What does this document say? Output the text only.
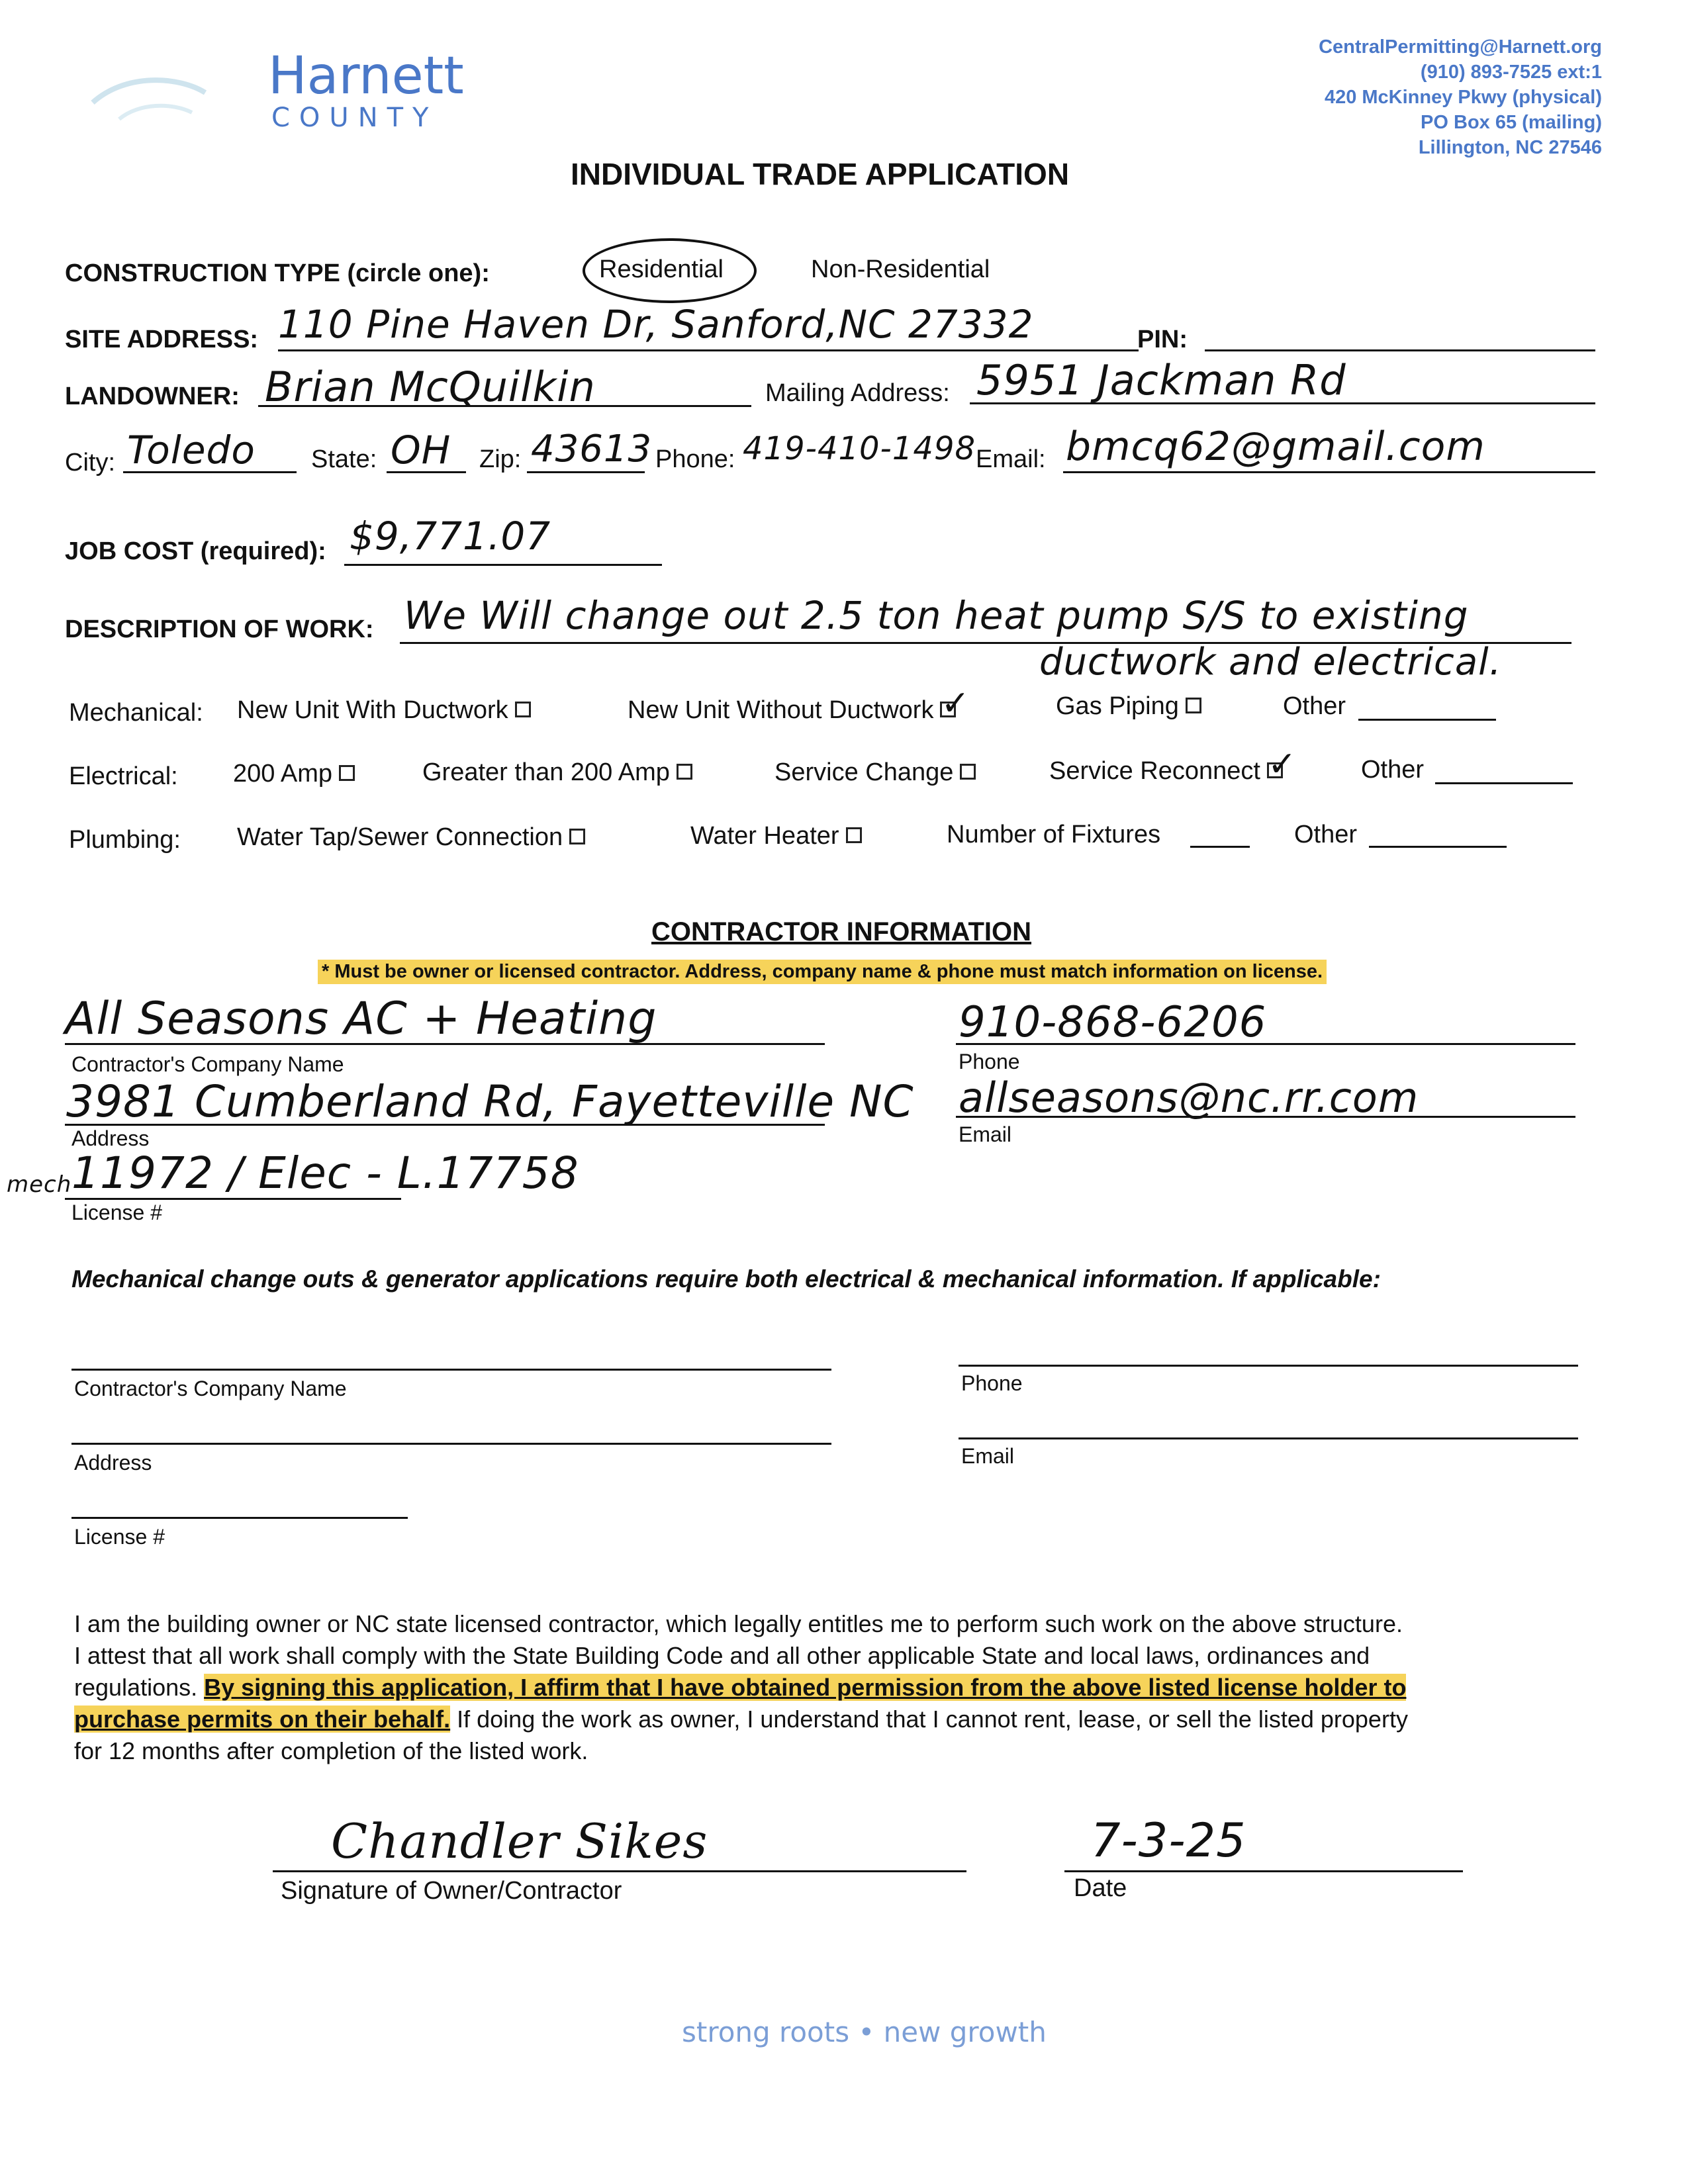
Harnett
COUNTY
CentralPermitting@Harnett.org
(910) 893-7525 ext:1
420 McKinney Pkwy (physical)
PO Box 65 (mailing)
Lillington, NC 27546
INDIVIDUAL TRADE APPLICATION
CONSTRUCTION TYPE (circle one):	Residential	Non-Residential
SITE ADDRESS: 110 Pine Haven Dr, Sanford,NC 27332	PIN:
LANDOWNER: Brian McQuilkin	Mailing Address: 5951 Jackman Rd
City: Toledo State: OH Zip: 43613 Phone: 419-410-1498 Email: bmcq62@gmail.com
JOB COST (required): $9,771.07
DESCRIPTION OF WORK: We Will change out 2.5 ton heat pump S/S to existing
ductwork and electrical.
Mechanical: New Unit With Ductwork	New Unit Without Ductwork ✓	Gas Piping	Other
Electrical: 200 Amp	Greater than 200 Amp	Service Change	Service Reconnect ✓	Other
Plumbing: Water Tap/Sewer Connection	Water Heater	Number of Fixtures	Other
CONTRACTOR INFORMATION
* Must be owner or licensed contractor. Address, company name & phone must match information on license.
All Seasons AC + Heating
Contractor's Company Name
910-868-6206
Phone
3981 Cumberland Rd, Fayetteville NC
Address
allseasons@nc.rr.com
Email
mech 11972 / Elec - L.17758
License #
Mechanical change outs & generator applications require both electrical & mechanical information. If applicable:
Contractor's Company Name	Phone
Address	Email
License #
I am the building owner or NC state licensed contractor, which legally entitles me to perform such work on the above structure.
I attest that all work shall comply with the State Building Code and all other applicable State and local laws, ordinances and
regulations. By signing this application, I affirm that I have obtained permission from the above listed license holder to
purchase permits on their behalf. If doing the work as owner, I understand that I cannot rent, lease, or sell the listed property
for 12 months after completion of the listed work.
Chandler Sikes
Signature of Owner/Contractor
7-3-25
Date
strong roots • new growth
